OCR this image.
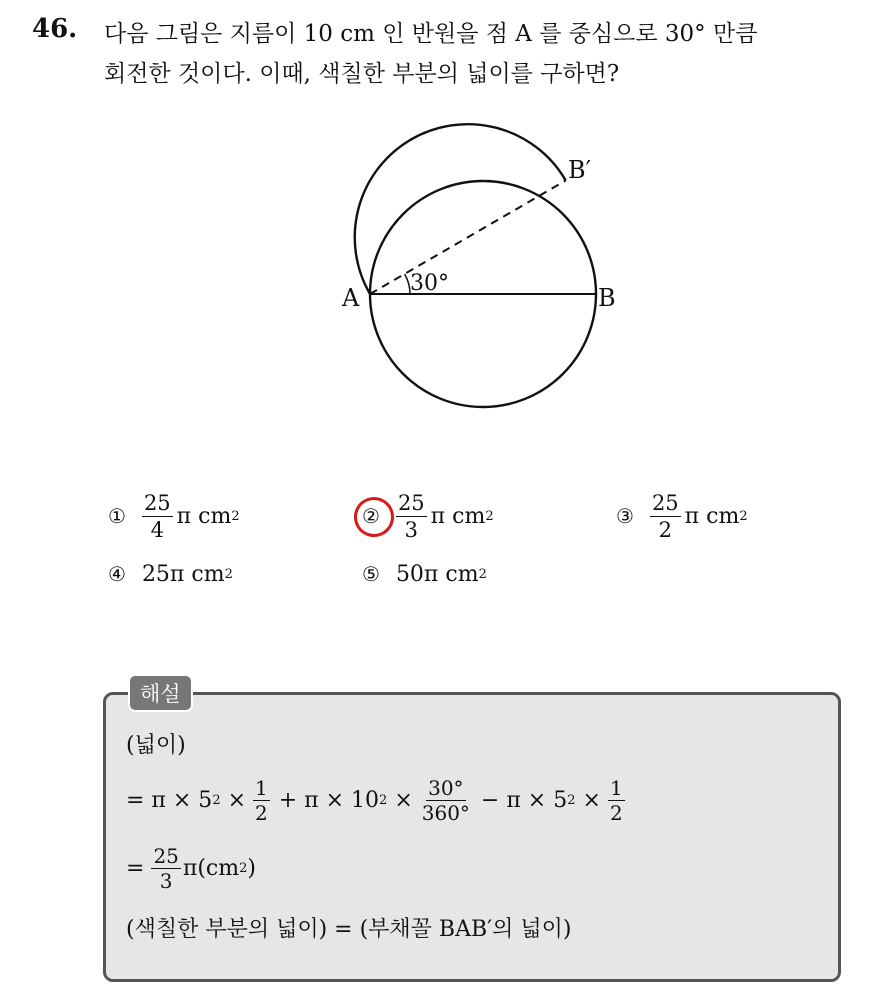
46. 다음 그림은 지름이 10 cm 인 반원을 점 A 를 중심으로 30° 만큼
회전한 것이다. 이때, 색칠한 부분의 넓이를 구하면?
30°
A	B
B′
① $\frac{25}{4}$ π cm 2	② $\frac{25}{3}$ π cm 2	③ $\frac{25}{2}$ π cm 2
④ 25π cm 2	⑤ 50π cm 2
해설
(넓이)
= π × 5 $2 \times \frac{1}{2} + \pi \times 10$ $2 \times \frac{30^\circ}{360^\circ} - \pi \times 5$ $2 \times \frac{1}{2}$
= $\frac{25}{3} \pi(cm$ 2 )
(색칠한 부분의 넓이) = (부채꼴 BAB′의 넓이)
